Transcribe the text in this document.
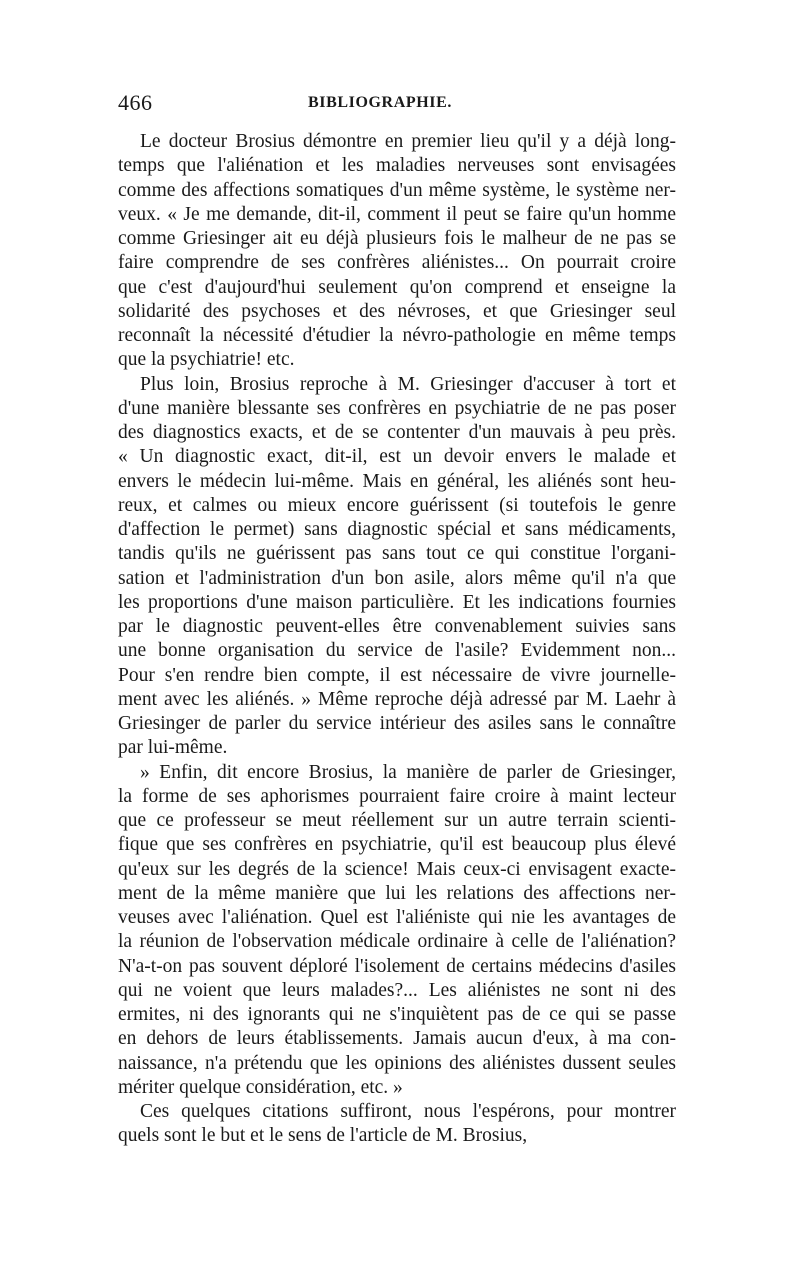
466	BIBLIOGRAPHIE.
Le docteur Brosius démontre en premier lieu qu'il y a déjà long-
temps que l'aliénation et les maladies nerveuses sont envisagées
comme des affections somatiques d'un même système, le système ner-
veux. « Je me demande, dit-il, comment il peut se faire qu'un homme
comme Griesinger ait eu déjà plusieurs fois le malheur de ne pas se
faire comprendre de ses confrères aliénistes... On pourrait croire
que c'est d'aujourd'hui seulement qu'on comprend et enseigne la
solidarité des psychoses et des névroses, et que Griesinger seul
reconnaît la nécessité d'étudier la névro-pathologie en même temps
que la psychiatrie! etc.
Plus loin, Brosius reproche à M. Griesinger d'accuser à tort et
d'une manière blessante ses confrères en psychiatrie de ne pas poser
des diagnostics exacts, et de se contenter d'un mauvais à peu près.
« Un diagnostic exact, dit-il, est un devoir envers le malade et
envers le médecin lui-même. Mais en général, les aliénés sont heu-
reux, et calmes ou mieux encore guérissent (si toutefois le genre
d'affection le permet) sans diagnostic spécial et sans médicaments,
tandis qu'ils ne guérissent pas sans tout ce qui constitue l'organi-
sation et l'administration d'un bon asile, alors même qu'il n'a que
les proportions d'une maison particulière. Et les indications fournies
par le diagnostic peuvent-elles être convenablement suivies sans
une bonne organisation du service de l'asile? Evidemment non...
Pour s'en rendre bien compte, il est nécessaire de vivre journelle-
ment avec les aliénés. » Même reproche déjà adressé par M. Laehr à
Griesinger de parler du service intérieur des asiles sans le connaître
par lui-même.
» Enfin, dit encore Brosius, la manière de parler de Griesinger,
la forme de ses aphorismes pourraient faire croire à maint lecteur
que ce professeur se meut réellement sur un autre terrain scienti-
fique que ses confrères en psychiatrie, qu'il est beaucoup plus élevé
qu'eux sur les degrés de la science! Mais ceux-ci envisagent exacte-
ment de la même manière que lui les relations des affections ner-
veuses avec l'aliénation. Quel est l'aliéniste qui nie les avantages de
la réunion de l'observation médicale ordinaire à celle de l'aliénation?
N'a-t-on pas souvent déploré l'isolement de certains médecins d'asiles
qui ne voient que leurs malades?... Les aliénistes ne sont ni des
ermites, ni des ignorants qui ne s'inquiètent pas de ce qui se passe
en dehors de leurs établissements. Jamais aucun d'eux, à ma con-
naissance, n'a prétendu que les opinions des aliénistes dussent seules
mériter quelque considération, etc. »
Ces quelques citations suffiront, nous l'espérons, pour montrer
quels sont le but et le sens de l'article de M. Brosius,
